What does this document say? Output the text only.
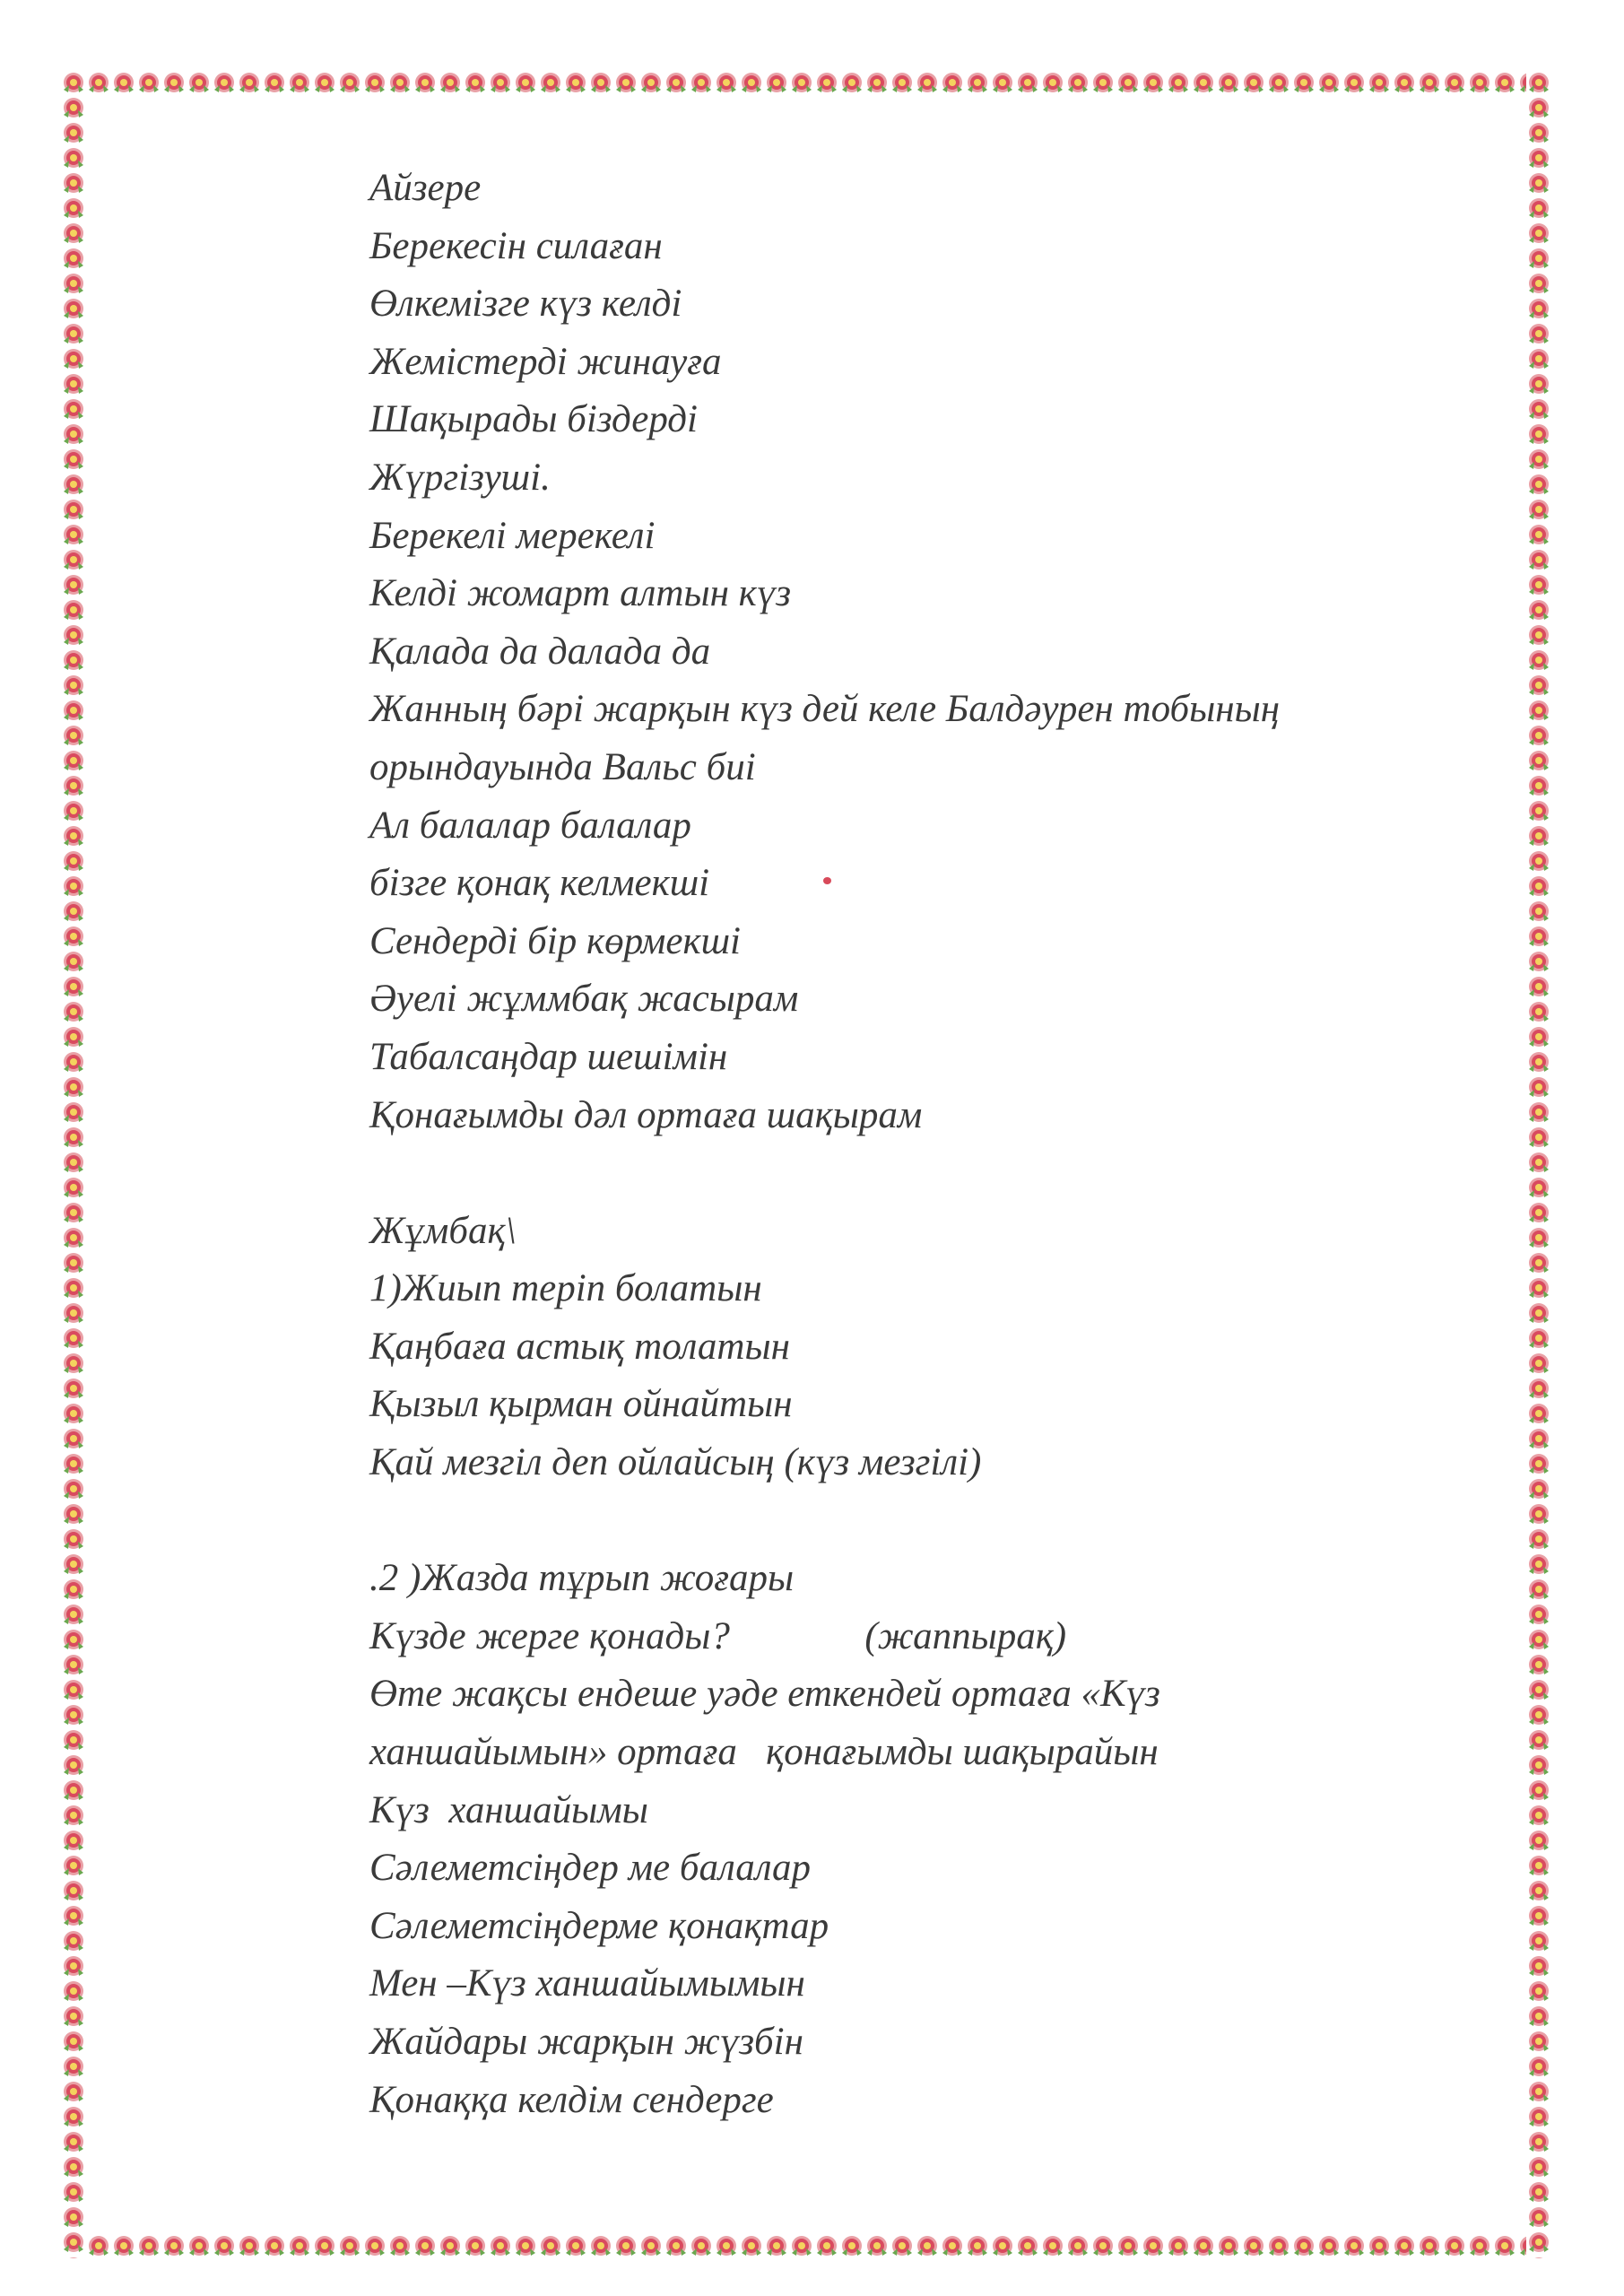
Айзере
Берекесін силаған
Өлкемізге күз келді
Жемістерді жинауға
Шақырады біздерді
Жүргізуші.
Берекелі мерекелі
Келді жомарт алтын күз
Қалада да далада да
Жанның бәрі жарқын күз дей келе Балдәурен тобының
орындауында Вальс биі
Ал балалар балалар
бізге қонақ келмекші
Сендерді бір көрмекші
Әуелі жұммбақ жасырам
Табалсаңдар шешімін
Қонағымды дәл ортаға шақырам
Жұмбақ\
1)Жиып теріп болатын
Қаңбаға астық толатын
Қызыл қырман ойнайтын
Қай мезгіл деп ойлайсың (күз мезгілі)
.2 )Жазда тұрып жоғары
Күзде жерге қонады?              (жаппырақ)
Өте жақсы ендеше уәде еткендей ортаға «Күз
ханшайымын» ортаға   қонағымды шақырайын
Күз  ханшайымы
Сәлеметсіңдер ме балалар
Сәлеметсіңдерме қонақтар
Мен –Күз ханшайымымын
Жайдары жарқын жүзбін
Қонаққа келдім сендерге
